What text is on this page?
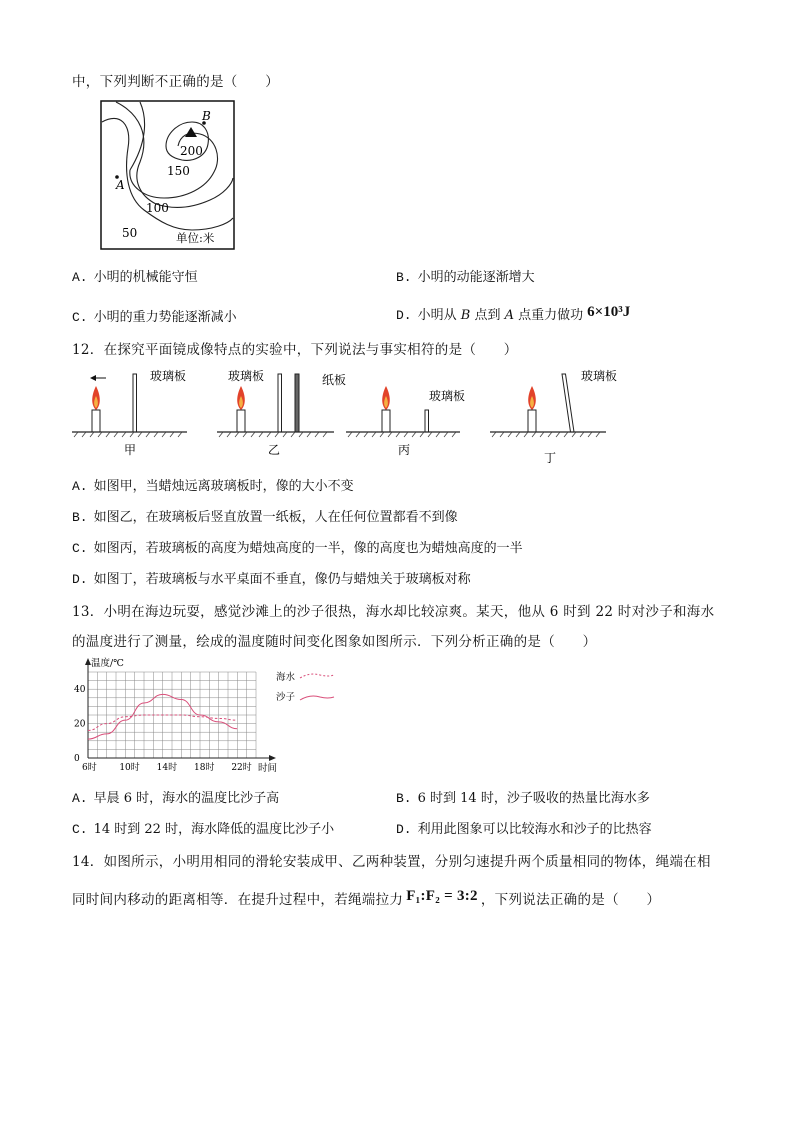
中，下列判断不正确的是（　　）
B
200
150
A
100
50	单位:米
A. 小明的机械能守恒	B. 小明的动能逐渐增大
C. 小明的重力势能逐渐减小	D. 小明从 B 点到 A 点重力做功 6×10³J
12．在探究平面镜成像特点的实验中，下列说法与事实相符的是（　　）
玻璃板
甲
玻璃板	纸板
乙
玻璃板
丙
玻璃板
丁
A. 如图甲，当蜡烛远离玻璃板时，像的大小不变
B. 如图乙，在玻璃板后竖直放置一纸板，人在任何位置都看不到像
C. 如图丙，若玻璃板的高度为蜡烛高度的一半，像的高度也为蜡烛高度的一半
D. 如图丁，若玻璃板与水平桌面不垂直，像仍与蜡烛关于玻璃板对称
13．小明在海边玩耍，感觉沙滩上的沙子很热，海水却比较凉爽。某天，他从 6 时到 22 时对沙子和海水
的温度进行了测量，绘成的温度随时间变化图象如图所示．下列分析正确的是（　　）
温度/℃
时间
6时	10时 14时 18时 22时
0
20
40
海水
沙子
A. 早晨 6 时，海水的温度比沙子高	B. 6 时到 14 时，沙子吸收的热量比海水多
C. 14 时到 22 时，海水降低的温度比沙子小	D. 利用此图象可以比较海水和沙子的比热容
14．如图所示，小明用相同的滑轮安装成甲、乙两种装置，分别匀速提升两个质量相同的物体，绳端在相
同时间内移动的距离相等．在提升过程中，若绳端拉力 F₁:F₂ = 3:2 ，下列说法正确的是（　　）
